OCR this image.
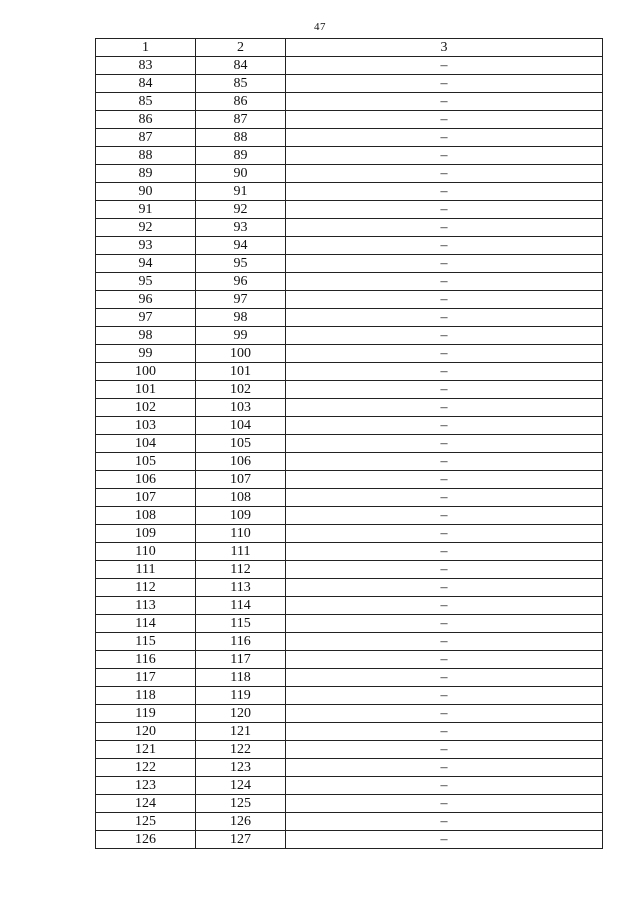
47
1	2	3
83	84	–
84	85	–
85	86	–
86	87	–
87	88	–
88	89	–
89	90	–
90	91	–
91	92	–
92	93	–
93	94	–
94	95	–
95	96	–
96	97	–
97	98	–
98	99	–
99	100	–
100	101	–
101	102	–
102	103	–
103	104	–
104	105	–
105	106	–
106	107	–
107	108	–
108	109	–
109	110	–
110	111	–
111	112	–
112	113	–
113	114	–
114	115	–
115	116	–
116	117	–
117	118	–
118	119	–
119	120	–
120	121	–
121	122	–
122	123	–
123	124	–
124	125	–
125	126	–
126	127	–
